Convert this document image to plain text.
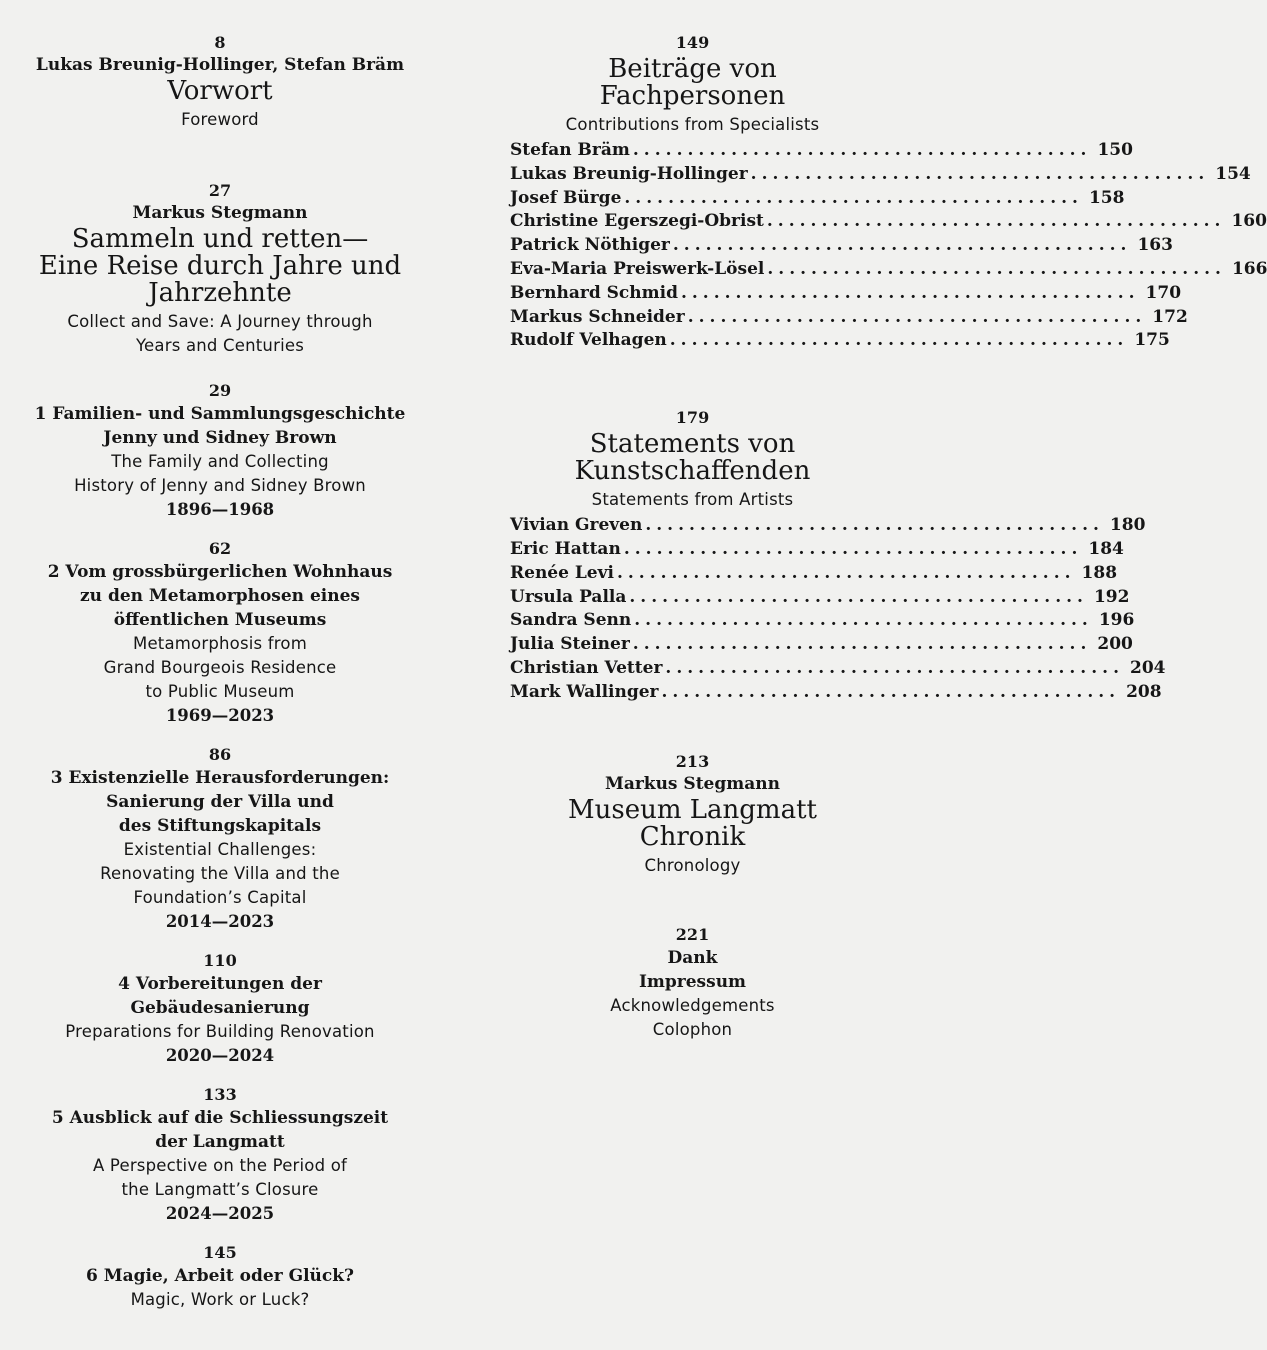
8
Lukas Breunig-Hollinger, Stefan Bräm
Vorwort
Foreword
27
Markus Stegmann
Sammeln und retten—
Eine Reise durch Jahre und
Jahrzehnte
Collect and Save: A Journey through
Years and Centuries
29
1 Familien- und Sammlungsgeschichte
Jenny und Sidney Brown
The Family and Collecting
History of Jenny and Sidney Brown
1896—1968
62
2 Vom grossbürgerlichen Wohnhaus
zu den Metamorphosen eines
öffentlichen Museums
Metamorphosis from
Grand Bourgeois Residence
to Public Museum
1969—2023
86
3 Existenzielle Herausforderungen:
Sanierung der Villa und
des Stiftungskapitals
Existential Challenges:
Renovating the Villa and the
Foundation’s Capital
2014—2023
110
4 Vorbereitungen der Gebäudesanierung
Preparations for Building Renovation
2020—2024
133
5 Ausblick auf die Schliessungszeit
der Langmatt
A Perspective on the Period of
the Langmatt’s Closure
2024—2025
145
6 Magie, Arbeit oder Glück?
Magic, Work or Luck?
149
Beiträge von
Fachpersonen
Contributions from Specialists
Stefan Bräm .......................................... 150
Lukas Breunig-Hollinger .......................................... 154
Josef Bürge .......................................... 158
Christine Egerszegi-Obrist .......................................... 160
Patrick Nöthiger .......................................... 163
Eva-Maria Preiswerk-Lösel .......................................... 166
Bernhard Schmid .......................................... 170
Markus Schneider .......................................... 172
Rudolf Velhagen .......................................... 175
179
Statements von
Kunstschaffenden
Statements from Artists
Vivian Greven .......................................... 180
Eric Hattan .......................................... 184
Renée Levi .......................................... 188
Ursula Palla .......................................... 192
Sandra Senn .......................................... 196
Julia Steiner .......................................... 200
Christian Vetter .......................................... 204
Mark Wallinger .......................................... 208
213
Markus Stegmann
Museum Langmatt
Chronik
Chronology
221
Dank
Impressum
Acknowledgements
Colophon
